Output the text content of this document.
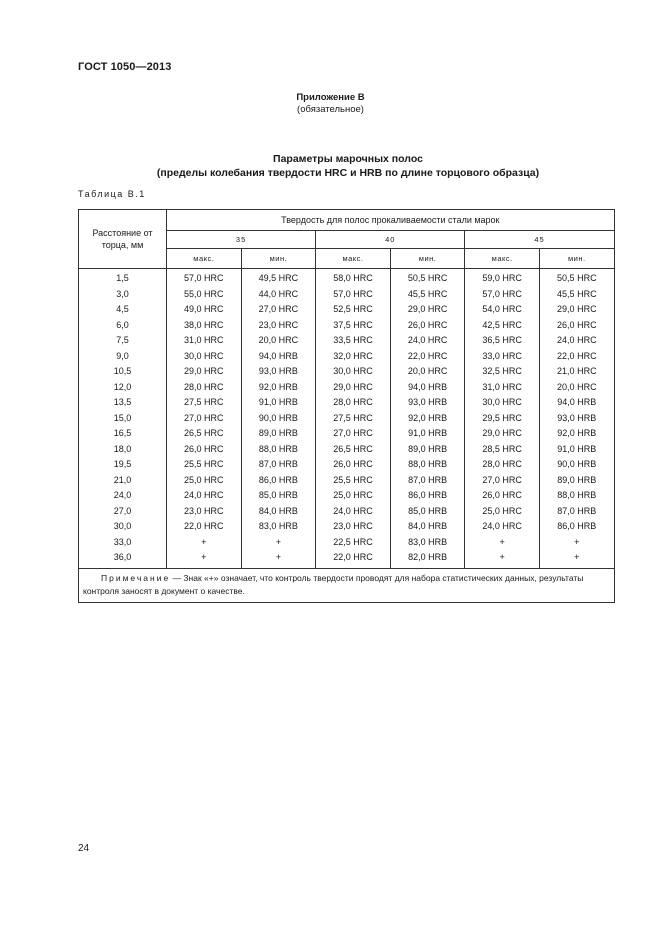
ГОСТ 1050—2013
Приложение В
(обязательное)
Параметры марочных полос
(пределы колебания твердости HRC и HRB по длине торцового образца)
Таблица В.1
Расстояние от торца, мм	Твердость для полос прокаливаемости стали марок					
	35		40		45	
	макс.	мин.	макс.	мин.	макс.	мин.
1,5	57,0 HRC	49,5 HRC	58,0 HRC	50,5 HRC	59,0 HRC	50,5 HRC
3,0	55,0 HRC	44,0 HRC	57,0 HRC	45,5 HRC	57,0 HRC	45,5 HRC
4,5	49,0 HRC	27,0 HRC	52,5 HRC	29,0 HRC	54,0 HRC	29,0 HRC
6,0	38,0 HRC	23,0 HRC	37,5 HRC	26,0 HRC	42,5 HRC	26,0 HRC
7,5	31,0 HRC	20,0 HRC	33,5 HRC	24,0 HRC	36,5 HRC	24,0 HRC
9,0	30,0 HRC	94,0 HRB	32,0 HRC	22,0 HRC	33,0 HRC	22,0 HRC
10,5	29,0 HRC	93,0 HRB	30,0 HRC	20,0 HRC	32,5 HRC	21,0 HRC
12,0	28,0 HRC	92,0 HRB	29,0 HRC	94,0 HRB	31,0 HRC	20,0 HRC
13,5	27,5 HRC	91,0 HRB	28,0 HRC	93,0 HRB	30,0 HRC	94,0 HRB
15,0	27,0 HRC	90,0 HRB	27,5 HRC	92,0 HRB	29,5 HRC	93,0 HRB
16,5	26,5 HRC	89,0 HRB	27,0 HRC	91,0 HRB	29,0 HRC	92,0 HRB
18,0	26,0 HRC	88,0 HRB	26,5 HRC	89,0 HRB	28,5 HRC	91,0 HRB
19,5	25,5 HRC	87,0 HRB	26,0 HRC	88,0 HRB	28,0 HRC	90,0 HRB
21,0	25,0 HRC	86,0 HRB	25,5 HRC	87,0 HRB	27,0 HRC	89,0 HRB
24,0	24,0 HRC	85,0 HRB	25,0 HRC	86,0 HRB	26,0 HRC	88,0 HRB
27,0	23,0 HRC	84,0 HRB	24,0 HRC	85,0 HRB	25,0 HRC	87,0 HRB
30,0	22,0 HRC	83,0 HRB	23,0 HRC	84,0 HRB	24,0 HRC	86,0 HRB
33,0	+	+	22,5 HRC	83,0 HRB	+	+
36,0	+	+	22,0 HRC	82,0 HRB	+	+
Примечание — Знак «+» означает, что контроль твердости проводят для набора статистических данных, результаты контроля заносят в документ о качестве.						
24
